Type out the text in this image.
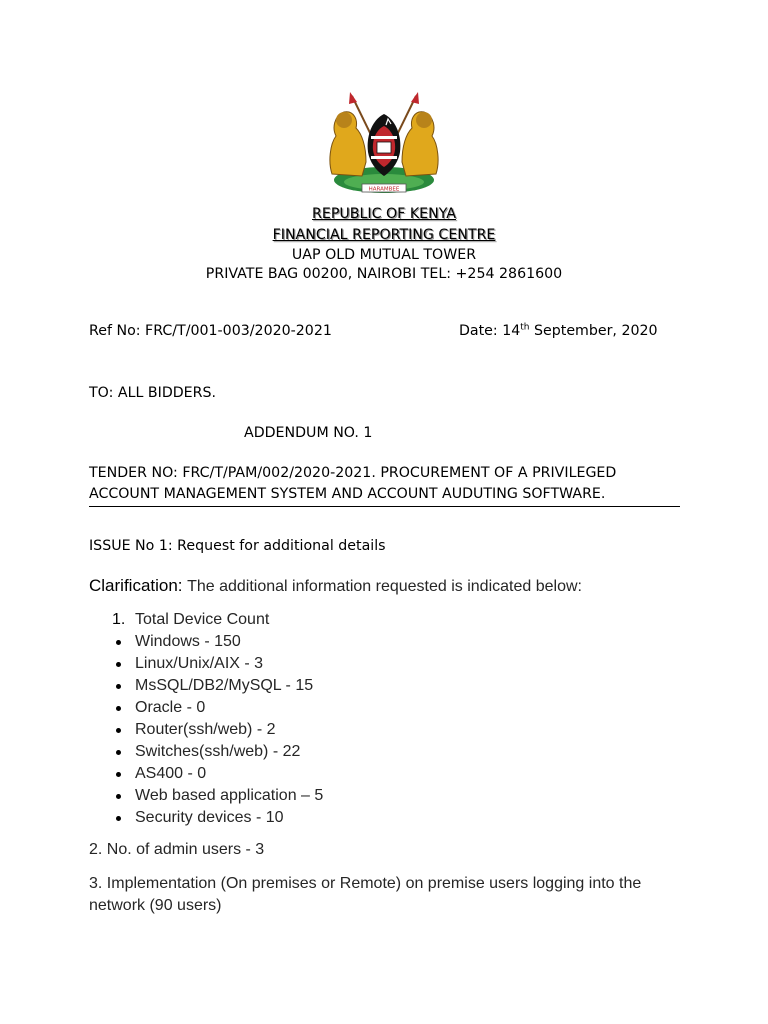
HARAMBEE
REPUBLIC OF KENYA
FINANCIAL REPORTING CENTRE
UAP OLD MUTUAL TOWER
PRIVATE BAG 00200, NAIROBI TEL: +254 2861600
Ref No: FRC/T/001-003/2020-2021	Date: 14th September, 2020
TO: ALL BIDDERS.
ADDENDUM NO. 1
TENDER NO: FRC/T/PAM/002/2020-2021. PROCUREMENT OF A PRIVILEGED
ACCOUNT MANAGEMENT SYSTEM AND ACCOUNT AUDUTING SOFTWARE.
ISSUE No 1: Request for additional details
Clarification: The additional information requested is indicated below:
1. Total Device Count
Windows - 150
Linux/Unix/AIX - 3
MsSQL/DB2/MySQL - 15
Oracle - 0
Router(ssh/web) - 2
Switches(ssh/web) - 22
AS400 - 0
Web based application – 5
Security devices - 10
2. No. of admin users - 3
3. Implementation (On premises or Remote) on premise users logging into the
network (90 users)
